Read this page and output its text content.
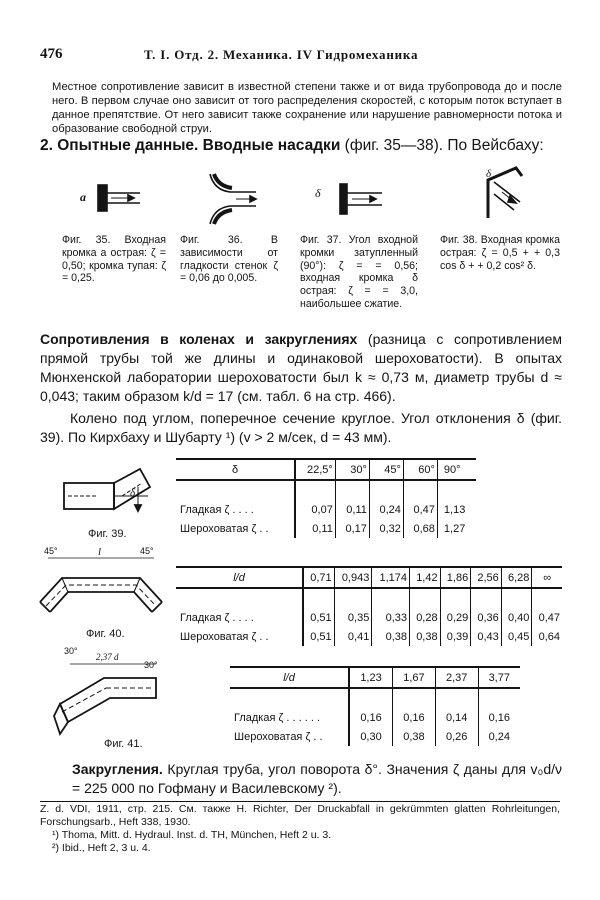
476	Т. I. Отд. 2. Механика. IV Гидромеханика
Местное сопротивление зависит в известной степени также и от вида трубопровода до и после него. В первом случае оно зависит от того распределения скоростей, с которым поток вступает в данное препятствие. От него зависит также сохранение или нарушение равномерности потока и образование свободной струи.
2. Опытные данные. Вводные насадки (фиг. 35—38). По Вейсбаху:
a	δ
δ
Фиг. 35. Входная кромка a острая: ζ = 0,50; кромка тупая: ζ = 0,25.
Фиг. 36. В зависимости от гладкости стенок ζ = 0,06 до 0,005.
Фиг. 37. Угол входной кромки затупленный (90°): ζ = = 0,56; входная кромка δ острая: ζ = = 3,0, наибольшее сжатие.
Фиг. 38. Входная кромка острая: ζ = 0,5 + + 0,3 cos δ + + 0,2 cos² δ.
Сопротивления в коленах и закруглениях (разница с сопротивлением прямой трубы той же длины и одинаковой шероховатости). В опытах Мюнхенской лаборатории шероховатости был k ≈ 0,73 м, диаметр трубы d ≈ 0,043; таким образом k/d = 17 (см. табл. 6 на стр. 466).
Колено под углом, поперечное сечение круглое. Угол отклонения δ (фиг. 39). По Кирхбаху и Шубарту ¹) (v > 2 м/сек, d = 43 мм).
δ
Фиг. 39.
δ	22,5°	30°	45°	60°	90°

Гладкая ζ . . . .	0,07	0,11	0,24	0,47	1,13
Шероховатая ζ . .	0,11	0,17	0,32	0,68	1,27
45°	45°
l
Фиг. 40.
l/d	0,71	0,943	1,174	1,42	1,86	2,56	6,28	∞

Гладкая ζ . . . .	0,51	0,35	0,33	0,28	0,29	0,36	0,40	0,47
Шероховатая ζ . .	0,51	0,41	0,38	0,38	0,39	0,43	0,45	0,64
30°
2,37 d
30°
Фиг. 41.
l/d	1,23	1,67	2,37	3,77

Гладкая ζ . . . . . .	0,16	0,16	0,14	0,16
Шероховатая ζ . .	0,30	0,38	0,26	0,24
Закругления. Круглая труба, угол поворота δ°. Значения ζ даны для v₀d/ν = 225 000 по Гофману и Василевскому ²).
Z. d. VDI, 1911, стр. 215. См. также H. Richter, Der Druckabfall in gekrümmten glatten Rohrleitungen, Forschungsarb., Heft 338, 1930.
¹) Thoma, Mitt. d. Hydraul. Inst. d. TH, München, Heft 2 u. 3.
²) Ibid., Heft 2, 3 u. 4.
